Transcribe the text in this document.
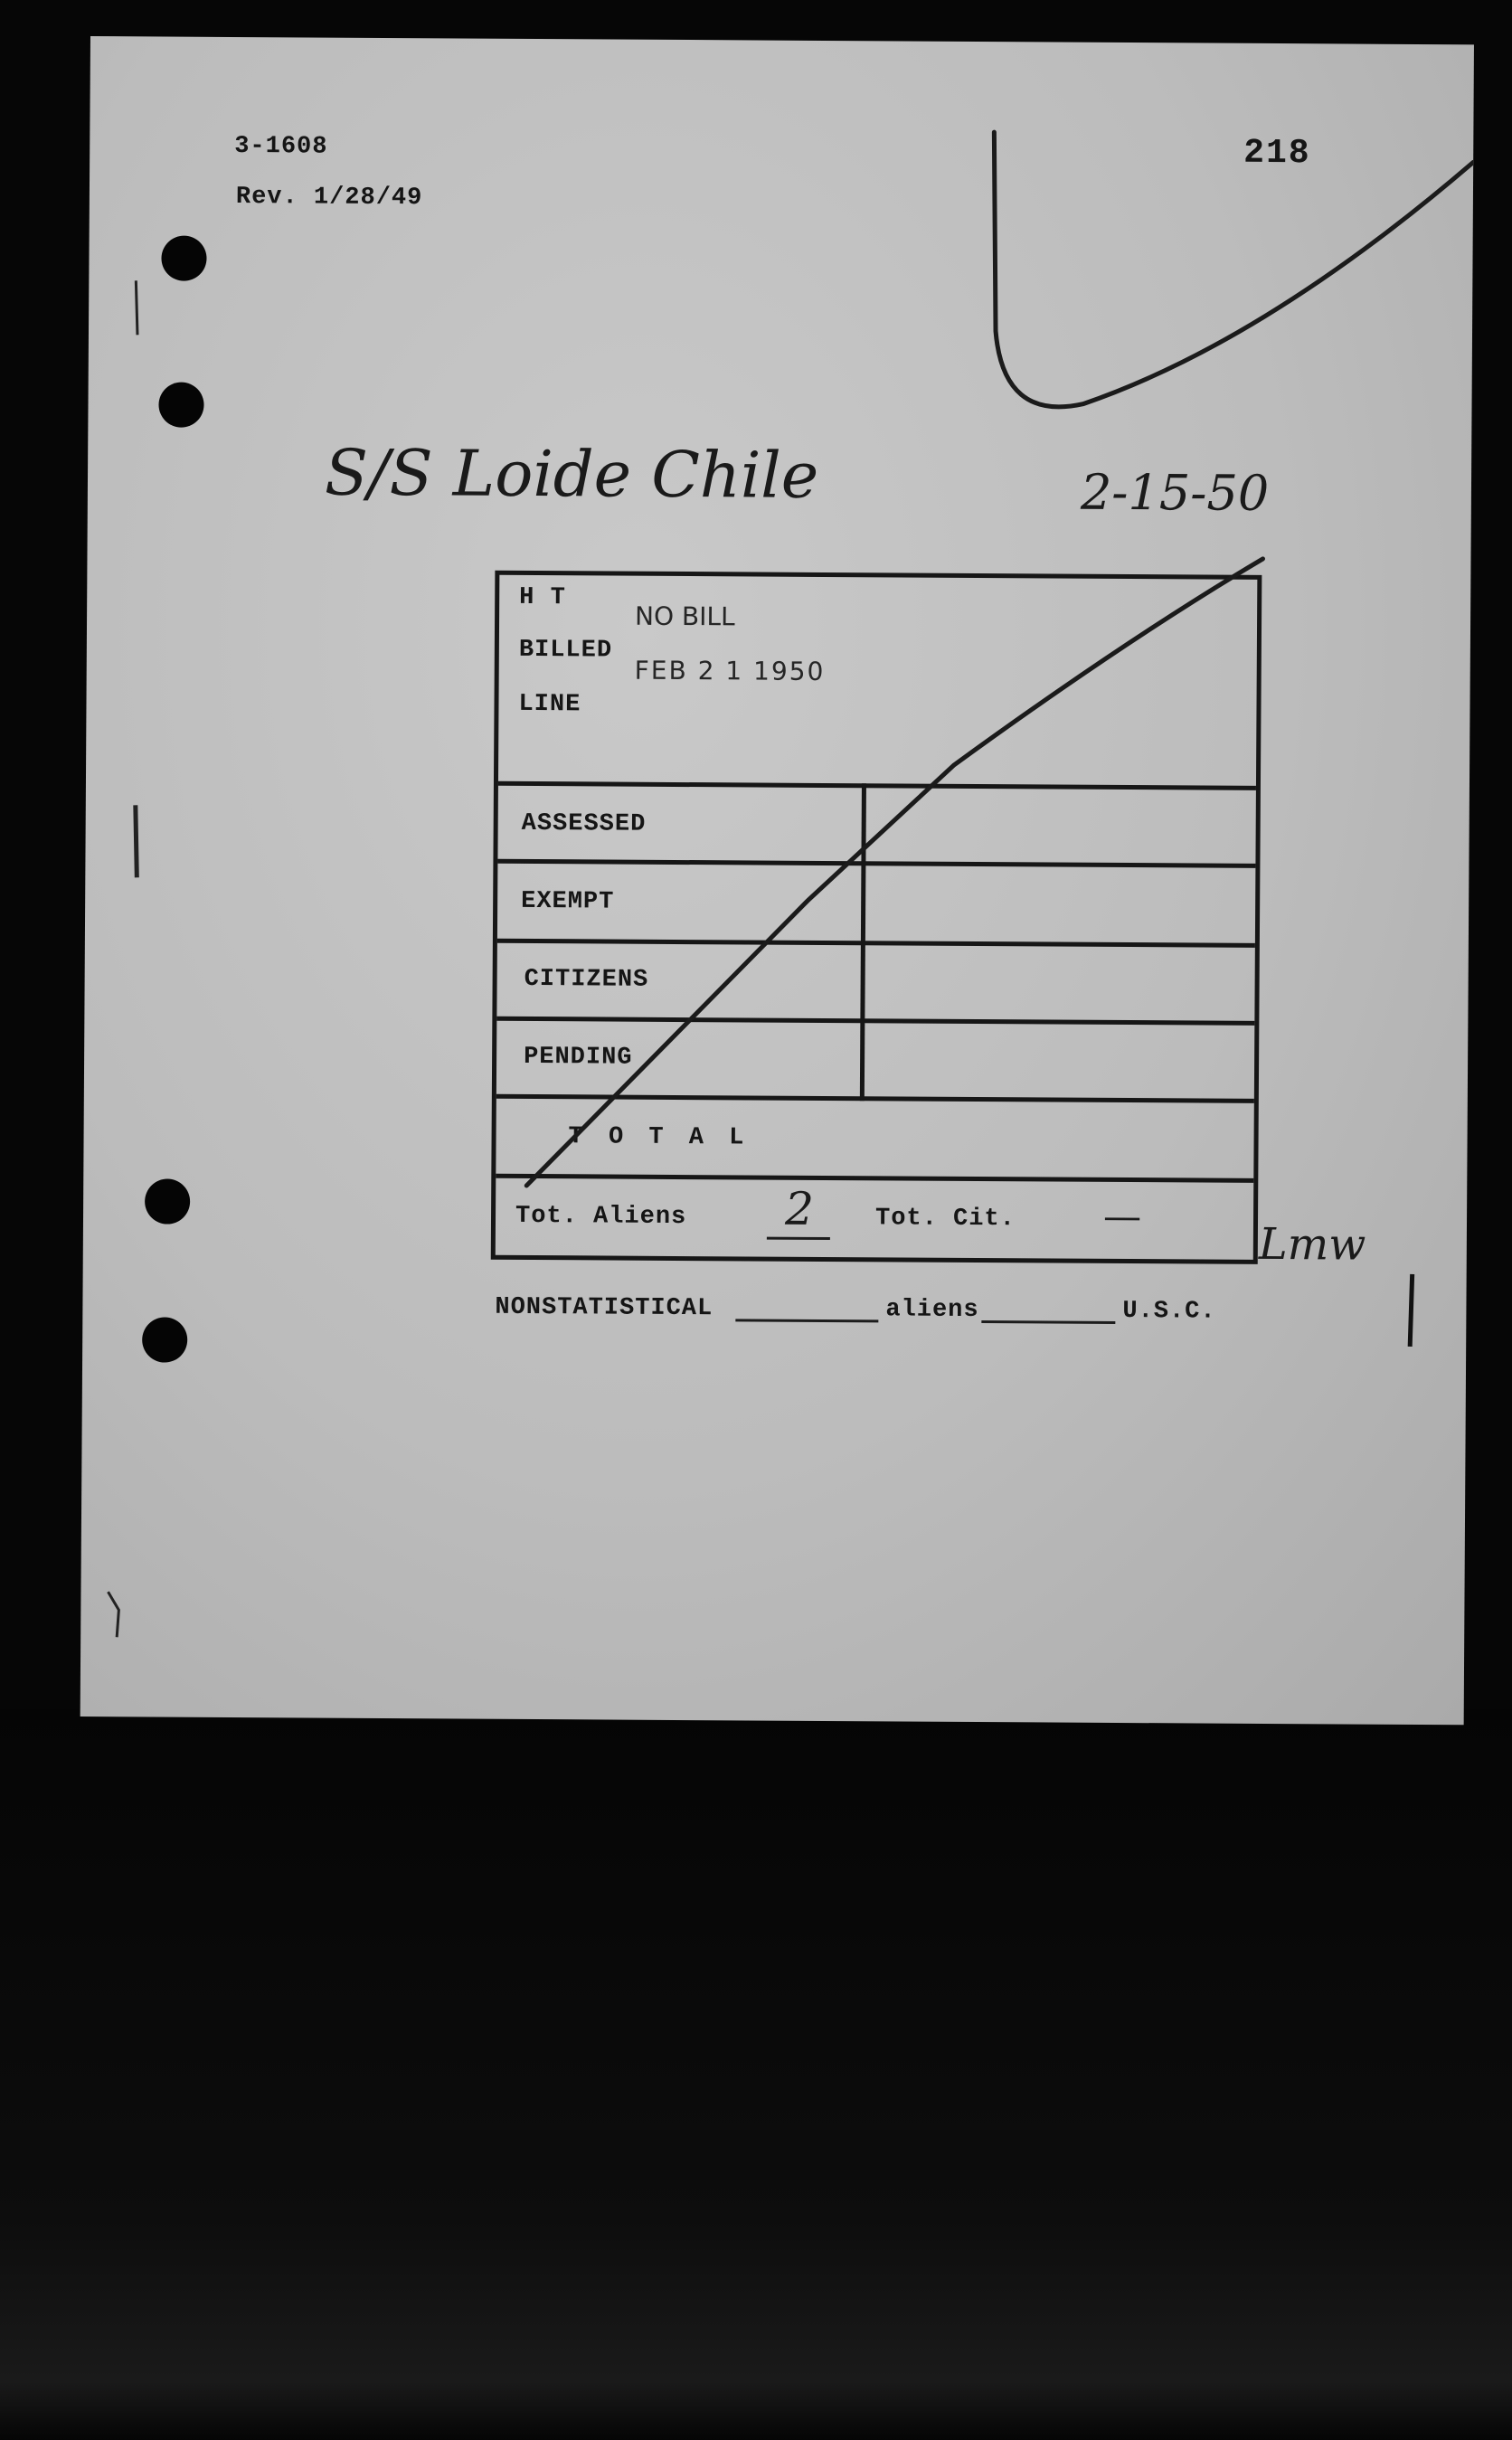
3-1608
Rev. 1/28/49
218
S/S Loide Chile	2-15-50
H T
BILLED
LINE
NO BILL
FEB 2 1 1950
ASSESSED
EXEMPT
CITIZENS
PENDING
T O T A L
Tot. Aliens 2	Tot. Cit. —
Lmw
NONSTATISTICAL	aliens	U.S.C.
